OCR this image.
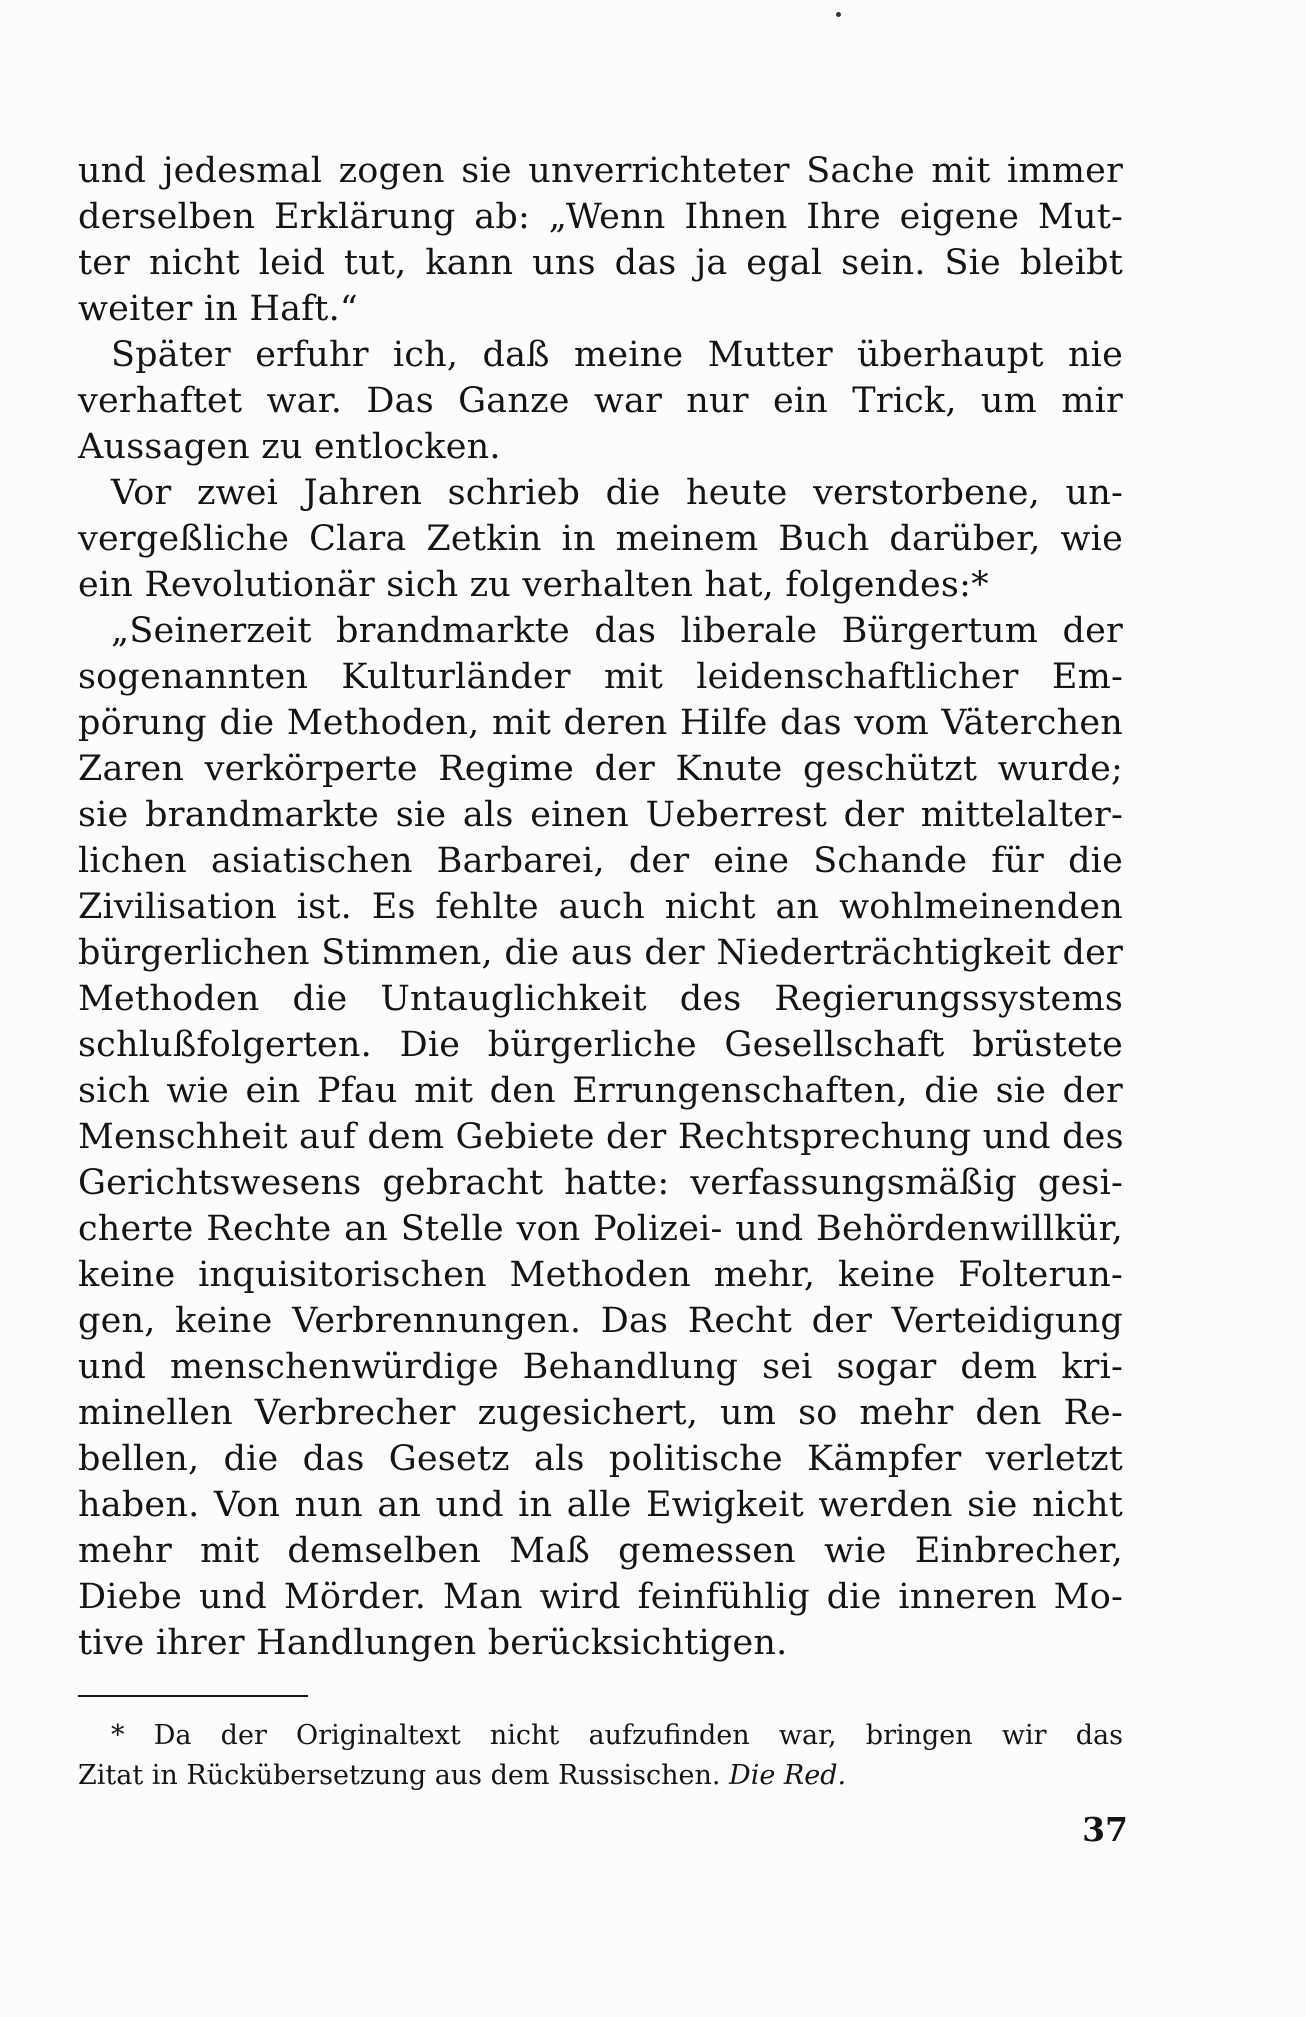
und jedesmal zogen sie unverrichteter Sache mit immer
derselben Erklärung ab: „Wenn Ihnen Ihre eigene Mut-
ter nicht leid tut, kann uns das ja egal sein. Sie bleibt
weiter in Haft.“
Später erfuhr ich, daß meine Mutter überhaupt nie
verhaftet war. Das Ganze war nur ein Trick, um mir
Aussagen zu entlocken.
Vor zwei Jahren schrieb die heute verstorbene, un-
vergeßliche Clara Zetkin in meinem Buch darüber, wie
ein Revolutionär sich zu verhalten hat, folgendes:*
„Seinerzeit brandmarkte das liberale Bürgertum der
sogenannten Kulturländer mit leidenschaftlicher Em-
pörung die Methoden, mit deren Hilfe das vom Väterchen
Zaren verkörperte Regime der Knute geschützt wurde;
sie brandmarkte sie als einen Ueberrest der mittelalter-
lichen asiatischen Barbarei, der eine Schande für die
Zivilisation ist. Es fehlte auch nicht an wohlmeinenden
bürgerlichen Stimmen, die aus der Niederträchtigkeit der
Methoden die Untauglichkeit des Regierungssystems
schlußfolgerten. Die bürgerliche Gesellschaft brüstete
sich wie ein Pfau mit den Errungenschaften, die sie der
Menschheit auf dem Gebiete der Rechtsprechung und des
Gerichtswesens gebracht hatte: verfassungsmäßig gesi-
cherte Rechte an Stelle von Polizei- und Behördenwillkür,
keine inquisitorischen Methoden mehr, keine Folterun-
gen, keine Verbrennungen. Das Recht der Verteidigung
und menschenwürdige Behandlung sei sogar dem kri-
minellen Verbrecher zugesichert, um so mehr den Re-
bellen, die das Gesetz als politische Kämpfer verletzt
haben. Von nun an und in alle Ewigkeit werden sie nicht
mehr mit demselben Maß gemessen wie Einbrecher,
Diebe und Mörder. Man wird feinfühlig die inneren Mo-
tive ihrer Handlungen berücksichtigen.
* Da der Originaltext nicht aufzufinden war, bringen wir das
Zitat in Rückübersetzung aus dem Russischen. Die Red.
37
